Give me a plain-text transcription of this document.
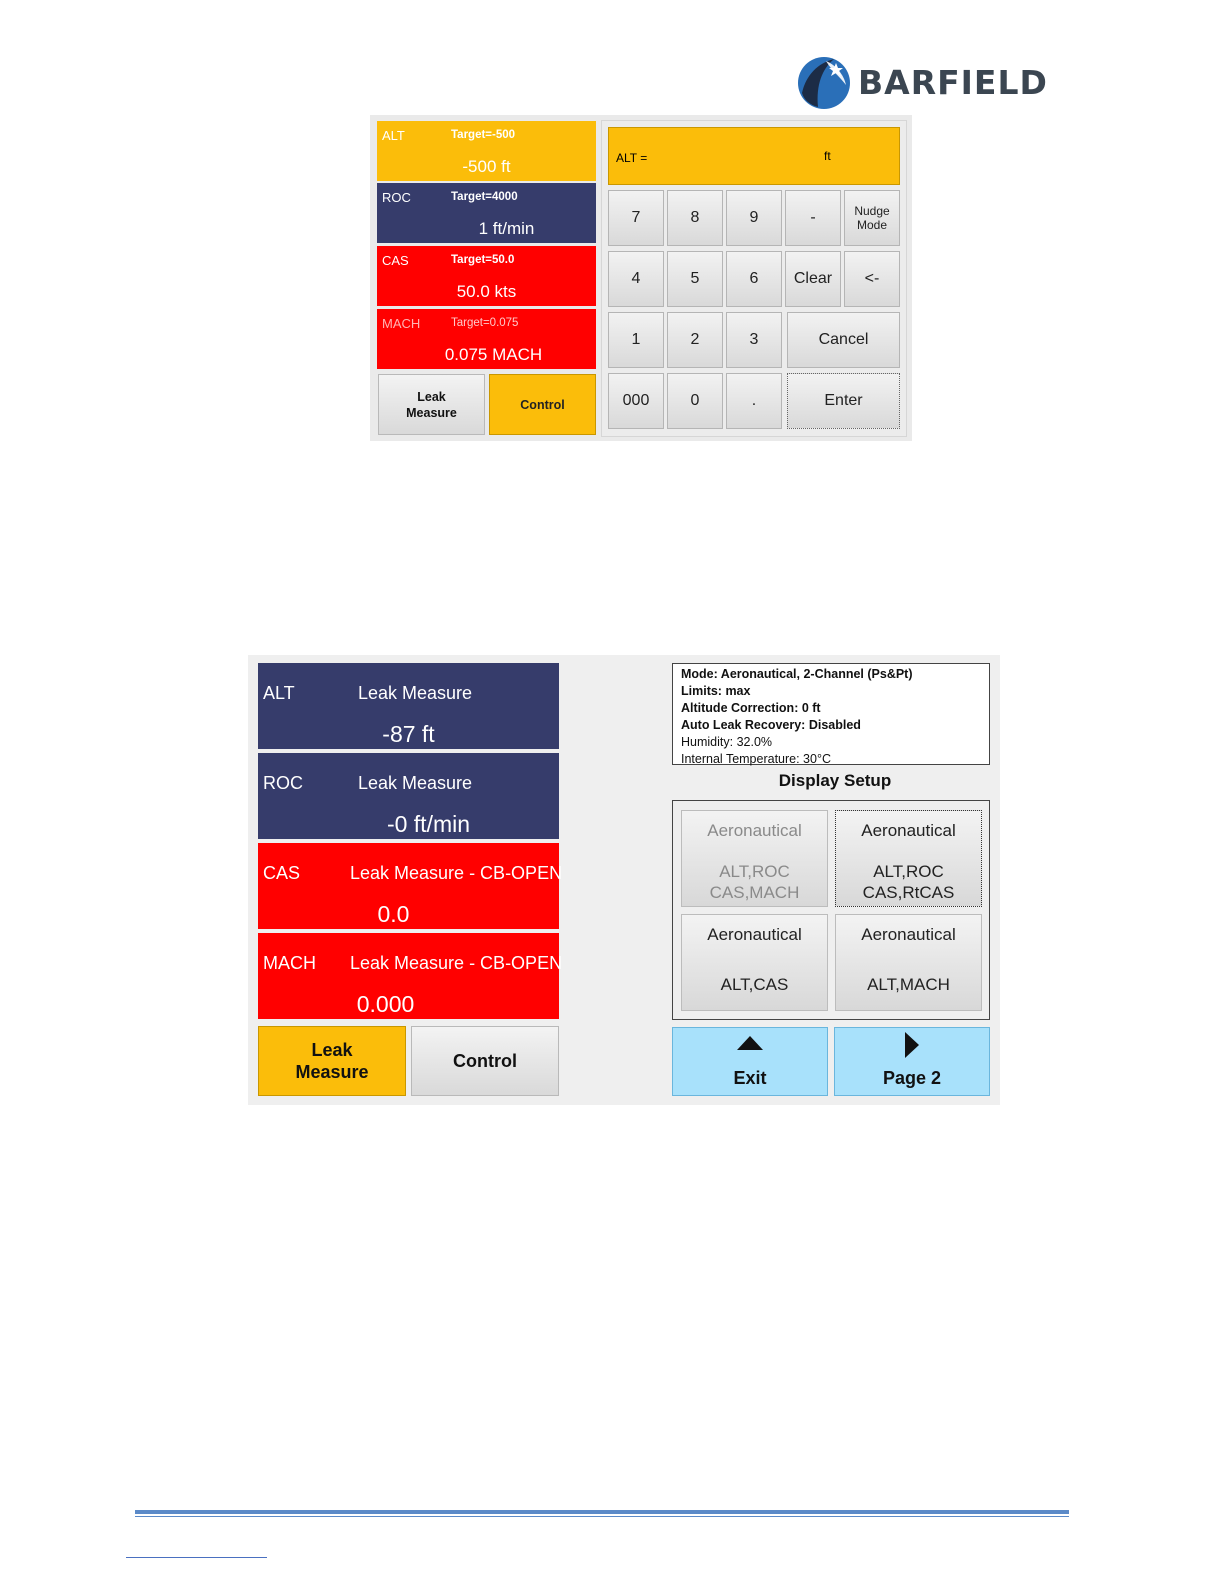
BARFIELD
ALT	Target=-500
-500 ft
ROC	Target=4000
1 ft/min
CAS	Target=50.0
50.0 kts
MACH	Target=0.075
0.075 MACH
Leak
Measure
Control
ALT =	ft
7	8	9	-	Nudge
Mode
4	5	6	Clear	<-
1	2	3	Cancel
000	0	.	Enter
ALT	Leak Measure
-87 ft
ROC	Leak Measure
-0 ft/min
CAS	Leak Measure - CB-OPEN
0.0
MACH Leak Measure - CB-OPEN
0.000
Leak
Measure
Control
Mode: Aeronautical, 2-Channel (Ps&Pt)
Limits: max
Altitude Correction: 0 ft
Auto Leak Recovery: Disabled
Humidity: 32.0%
Internal Temperature: 30°C
Display Setup
Aeronautical
ALT,ROC
CAS,MACH
Aeronautical
ALT,ROC
CAS,RtCAS
Aeronautical
ALT,CAS
Aeronautical
ALT,MACH
Exit	Page 2
